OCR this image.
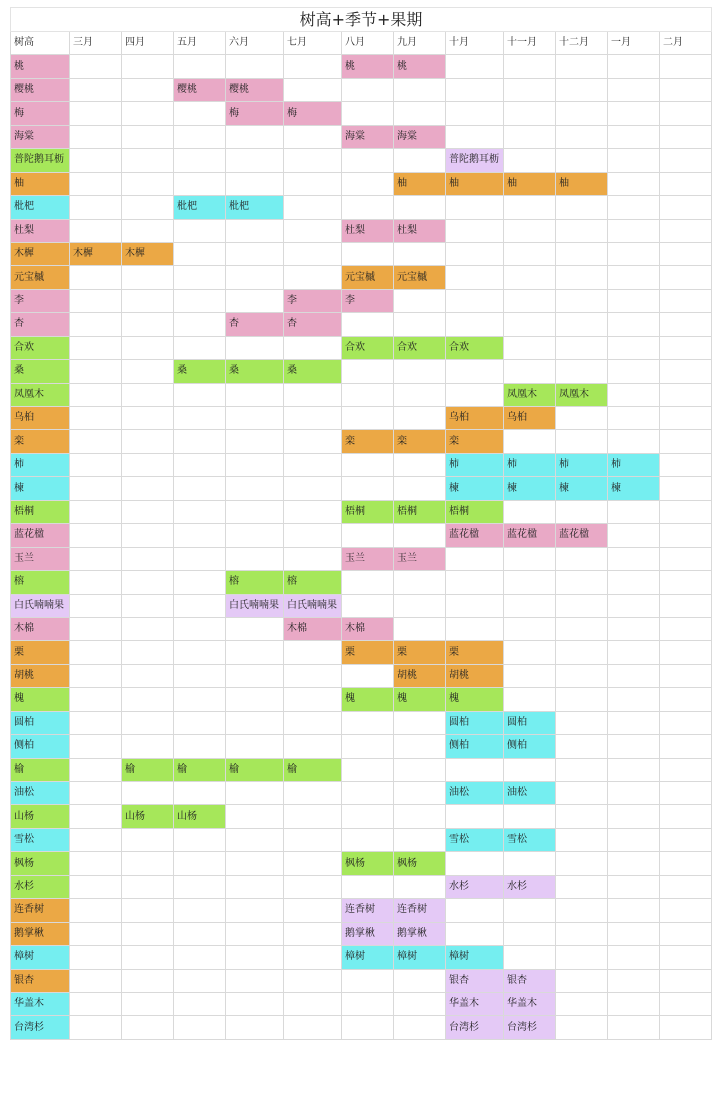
树高+季节+果期												
树高	三月	四月	五月	六月	七月	八月	九月	十月	十一月	十二月	一月	二月
桃						桃	桃					
樱桃			樱桃	樱桃								
梅				梅	梅							
海棠						海棠	海棠					
普陀鹅耳枥								普陀鹅耳枥				
柚							柚	柚	柚	柚		
枇杷			枇杷	枇杷								
杜梨						杜梨	杜梨					
木樨	木樨	木樨										
元宝槭						元宝槭	元宝槭					
李					李	李						
杏				杏	杏							
合欢						合欢	合欢	合欢				
桑			桑	桑	桑							
凤凰木									凤凰木	凤凰木		
乌桕								乌桕	乌桕			
栾						栾	栾	栾				
柿								柿	柿	柿	柿	
楝								楝	楝	楝	楝	
梧桐						梧桐	梧桐	梧桐				
蓝花楹								蓝花楹	蓝花楹	蓝花楹		
玉兰						玉兰	玉兰					
榕				榕	榕							
白氏喃喃果				白氏喃喃果	白氏喃喃果							
木棉					木棉	木棉						
栗						栗	栗	栗				
胡桃							胡桃	胡桃				
槐						槐	槐	槐				
圆柏								圆柏	圆柏			
侧柏								侧柏	侧柏			
榆		榆	榆	榆	榆							
油松								油松	油松			
山杨		山杨	山杨									
雪松								雪松	雪松			
枫杨						枫杨	枫杨					
水杉								水杉	水杉			
连香树						连香树	连香树					
鹅掌楸						鹅掌楸	鹅掌楸					
樟树						樟树	樟树	樟树				
银杏								银杏	银杏			
华盖木								华盖木	华盖木			
台湾杉								台湾杉	台湾杉			
